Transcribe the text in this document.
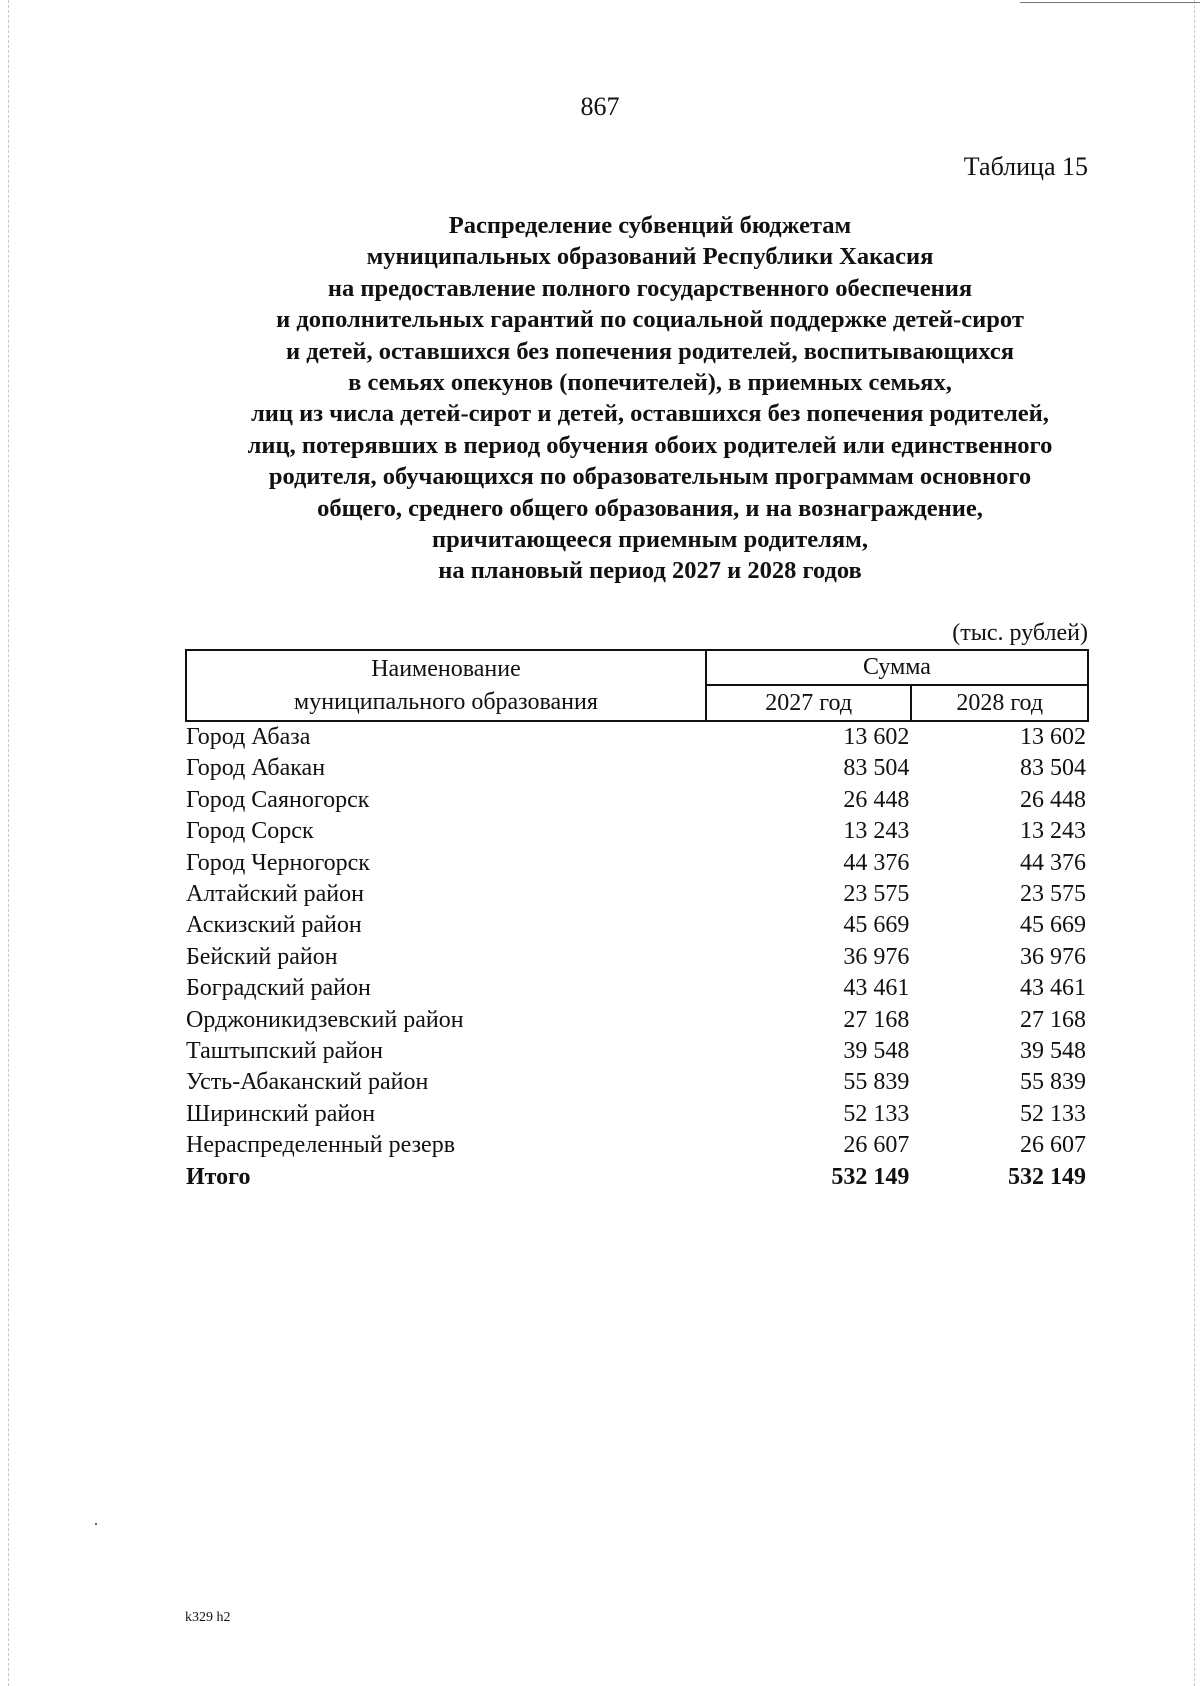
867
Таблица 15
Распределение субвенций бюджетам
муниципальных образований Республики Хакасия
на предоставление полного государственного обеспечения
и дополнительных гарантий по социальной поддержке детей-сирот
и детей, оставшихся без попечения родителей, воспитывающихся
в семьях опекунов (попечителей), в приемных семьях,
лиц из числа детей-сирот и детей, оставшихся без попечения родителей,
лиц, потерявших в период обучения обоих родителей или единственного
родителя, обучающихся по образовательным программам основного
общего, среднего общего образования, и на вознаграждение,
причитающееся приемным родителям,
на плановый период 2027 и 2028 годов
(тыс. рублей)
Наименование
муниципального образования	Сумма	
	2027 год	2028 год
Город Абаза	13 602	13 602
Город Абакан	83 504	83 504
Город Саяногорск	26 448	26 448
Город Сорск	13 243	13 243
Город Черногорск	44 376	44 376
Алтайский район	23 575	23 575
Аскизский район	45 669	45 669
Бейский район	36 976	36 976
Боградский район	43 461	43 461
Орджоникидзевский район	27 168	27 168
Таштыпский район	39 548	39 548
Усть-Абаканский район	55 839	55 839
Ширинский район	52 133	52 133
Нераспределенный резерв	26 607	26 607
Итого	532 149	532 149
k329 h2
